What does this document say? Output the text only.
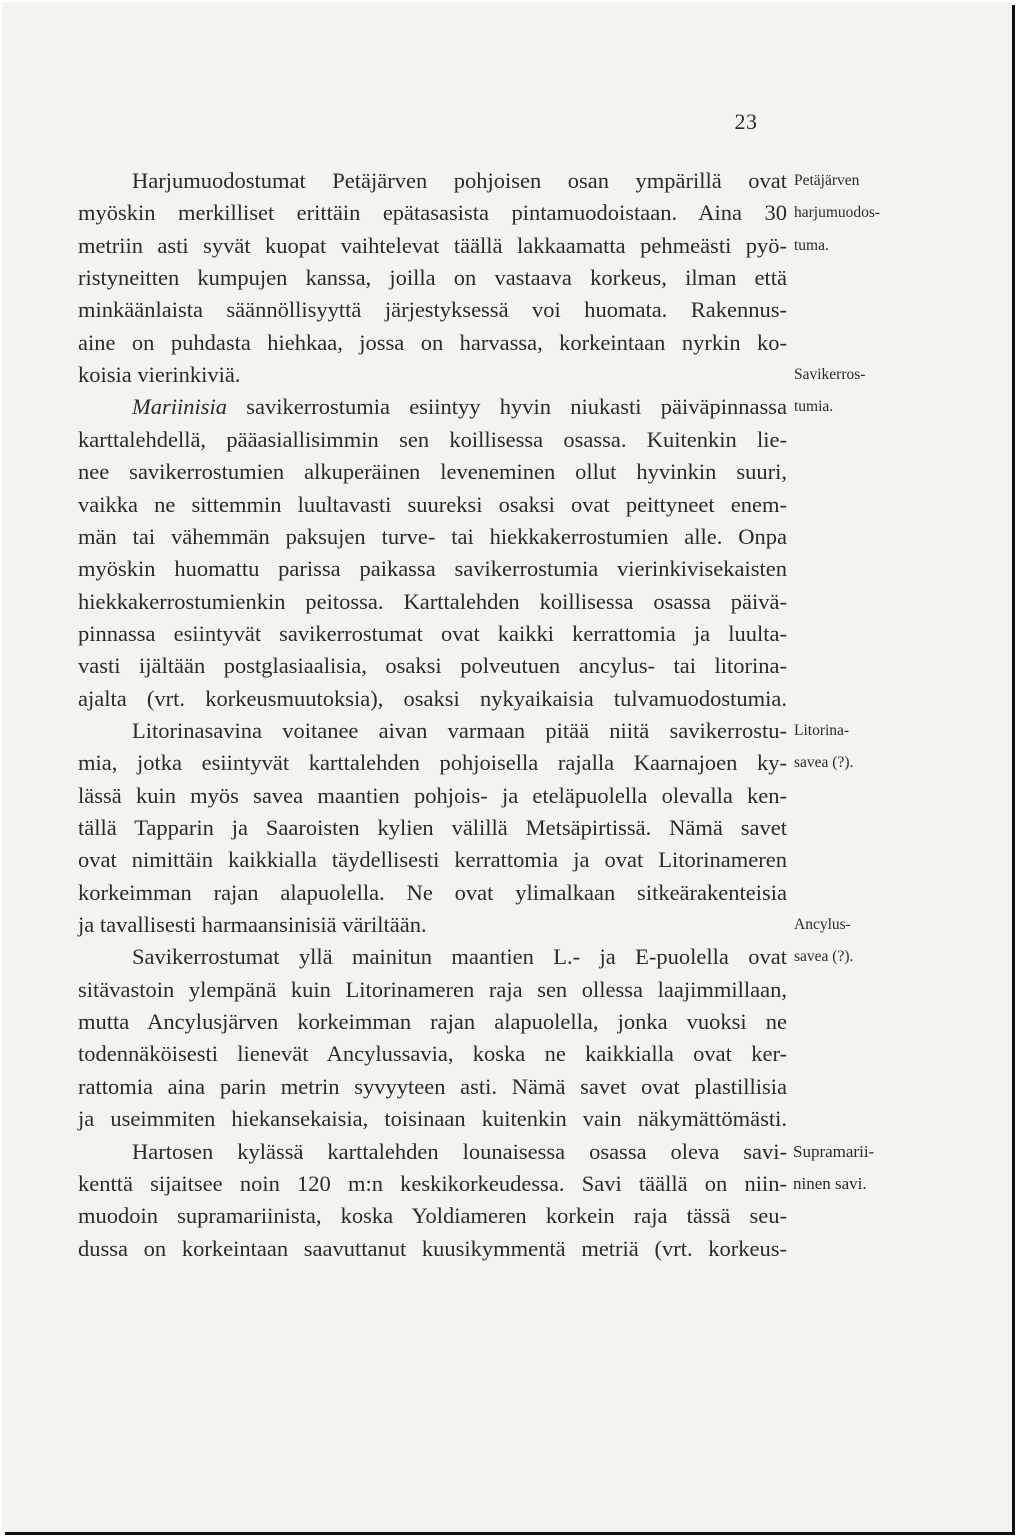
23
Harjumuodostumat Petäjärven pohjoisen osan ympärillä ovat
myöskin merkilliset erittäin epätasasista pintamuodoistaan. Aina 30
metriin asti syvät kuopat vaihtelevat täällä lakkaamatta pehmeästi pyö-
ristyneitten kumpujen kanssa, joilla on vastaava korkeus, ilman että
minkäänlaista säännöllisyyttä järjestyksessä voi huomata. Rakennus-
aine on puhdasta hiehkaa, jossa on harvassa, korkeintaan nyrkin ko-
koisia vierinkiviä.
Mariinisia savikerrostumia esiintyy hyvin niukasti päiväpinnassa
karttalehdellä, pääasiallisimmin sen koillisessa osassa. Kuitenkin lie-
nee savikerrostumien alkuperäinen leveneminen ollut hyvinkin suuri,
vaikka ne sittemmin luultavasti suureksi osaksi ovat peittyneet enem-
män tai vähemmän paksujen turve- tai hiekkakerrostumien alle. Onpa
myöskin huomattu parissa paikassa savikerrostumia vierinkivisekaisten
hiekkakerrostumienkin peitossa. Karttalehden koillisessa osassa päivä-
pinnassa esiintyvät savikerrostumat ovat kaikki kerrattomia ja luulta-
vasti ijältään postglasiaalisia, osaksi polveutuen ancylus- tai litorina-
ajalta (vrt. korkeusmuutoksia), osaksi nykyaikaisia tulvamuodostumia.
Litorinasavina voitanee aivan varmaan pitää niitä savikerrostu-
mia, jotka esiintyvät karttalehden pohjoisella rajalla Kaarnajoen ky-
lässä kuin myös savea maantien pohjois- ja eteläpuolella olevalla ken-
tällä Tapparin ja Saaroisten kylien välillä Metsäpirtissä. Nämä savet
ovat nimittäin kaikkialla täydellisesti kerrattomia ja ovat Litorinameren
korkeimman rajan alapuolella. Ne ovat ylimalkaan sitkeärakenteisia
ja tavallisesti harmaansinisiä väriltään.
Savikerrostumat yllä mainitun maantien L.- ja E-puolella ovat
sitävastoin ylempänä kuin Litorinameren raja sen ollessa laajimmillaan,
mutta Ancylusjärven korkeimman rajan alapuolella, jonka vuoksi ne
todennäköisesti lienevät Ancylussavia, koska ne kaikkialla ovat ker-
rattomia aina parin metrin syvyyteen asti. Nämä savet ovat plastillisia
ja useimmiten hiekansekaisia, toisinaan kuitenkin vain näkymättömästi.
Hartosen kylässä karttalehden lounaisessa osassa oleva savi-
kenttä sijaitsee noin 120 m:n keskikorkeudessa. Savi täällä on niin-
muodoin supramariinista, koska Yoldiameren korkein raja tässä seu-
dussa on korkeintaan saavuttanut kuusikymmentä metriä (vrt. korkeus-
Petäjärven
harjumuodos-
tuma.
Savikerros-
tumia.
Litorina-
savea (?).
Ancylus-
savea (?).
Supramarii-
ninen savi.
